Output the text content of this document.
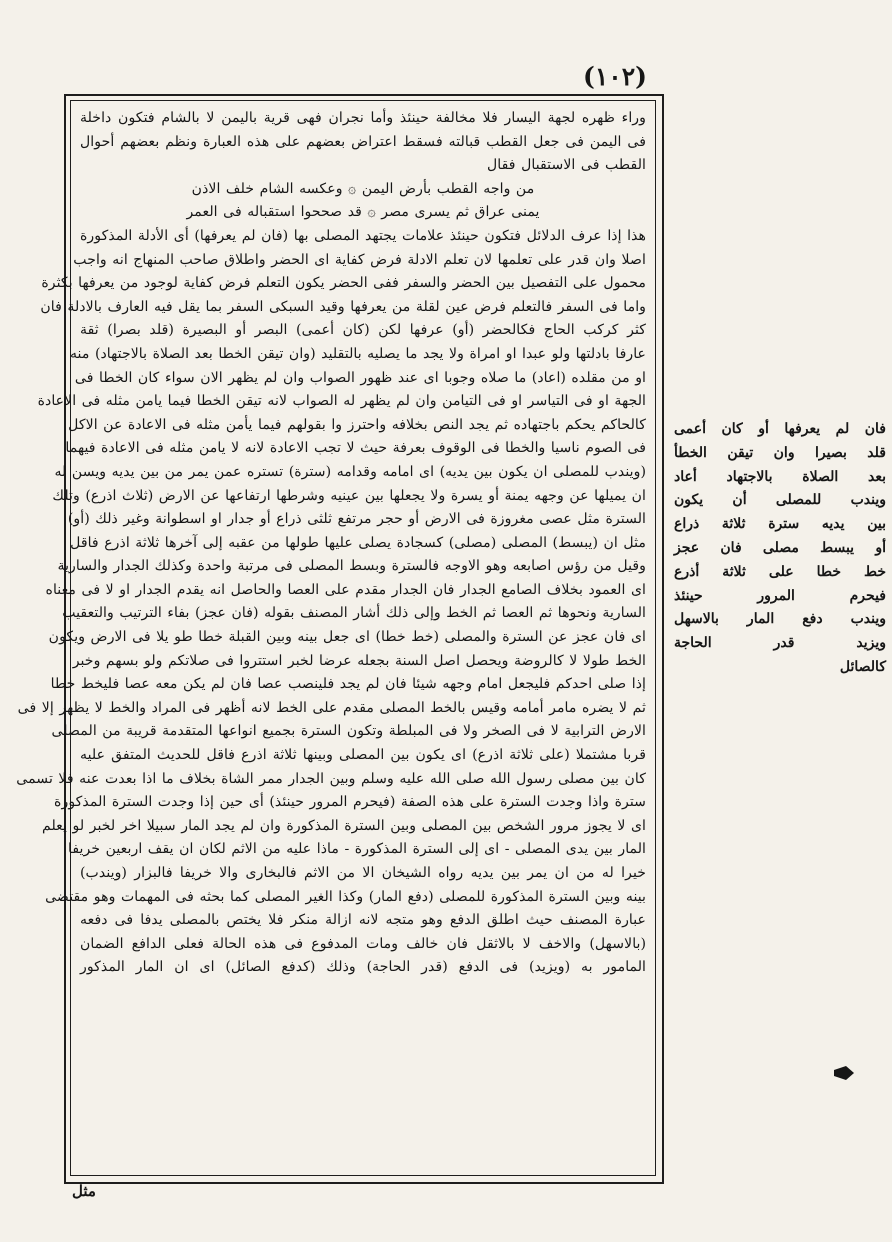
(١٠٢)
وراء ظهره لجهة اليسار فلا مخالفة حينئذ وأما نجران فهى قرية باليمن لا بالشام فتكون داخلة
فى اليمن فى جعل القطب قبالته فسقط اعتراض بعضهم على هذه العبارة ونظم بعضهم أحوال
القطب فى الاستقبال فقال
من واجه القطب بأرض اليمن ۞ وعكسه الشام خلف الاذن
يمنى عراق ثم يسرى مصر ۞ قد صححوا استقباله فى العمر
هذا إذا عرف الدلائل فتكون حينئذ علامات يجتهد المصلى بها (فان لم يعرفها) أى الأدلة المذكورة
اصلا وان قدر على تعلمها لان تعلم الادلة فرض كفاية اى الحضر واطلاق صاحب المنهاج انه واجب
محمول على التفصيل بين الحضر والسفر ففى الحضر يكون التعلم فرض كفاية لوجود من يعرفها بكثرة
واما فى السفر فالتعلم فرض عين لقلة من يعرفها وقيد السبكى السفر بما يقل فيه العارف بالادلة فان
كثر كركب الحاج فكالحضر (أو) عرفها لكن (كان أعمى) البصر أو البصيرة (قلد بصرا) ثقة
عارفا بادلتها ولو عبدا او امراة ولا يجد ما يصليه بالتقليد (وان تيقن الخطا بعد الصلاة بالاجتهاد) منه
او من مقلده (اعاد) ما صلاه وجوبا اى عند ظهور الصواب وان لم يظهر الان سواء كان الخطا فى
الجهة او فى التياسر او فى التيامن وان لم يظهر له الصواب لانه تيقن الخطا فيما يامن مثله فى الاعادة
كالحاكم يحكم باجتهاده ثم يجد النص بخلافه واحترز وا بقولهم فيما يأمن مثله فى الاعادة عن الاكل
فى الصوم ناسيا والخطا فى الوقوف بعرفة حيث لا تجب الاعادة لانه لا يامن مثله فى الاعادة فيهما
(ويندب للمصلى ان يكون بين يديه) اى امامه وقدامه (سترة) تستره عمن يمر من بين يديه ويسن له
ان يميلها عن وجهه يمنة أو يسرة ولا يجعلها بين عينيه وشرطها ارتفاعها عن الارض (ثلاث اذرع) وتلك
السترة مثل عصى مغروزة فى الارض أو حجر مرتفع ثلثى ذراع أو جدار او اسطوانة وغير ذلك (أو)
مثل ان (يبسط) المصلى (مصلى) كسجادة يصلى عليها طولها من عقبه إلى آخرها ثلاثة اذرع فاقل
وقيل من رؤس اصابعه وهو الاوجه فالسترة وبسط المصلى فى مرتبة واحدة وكذلك الجدار والسارية
اى العمود بخلاف الصامع الجدار فان الجدار مقدم على العصا والحاصل انه يقدم الجدار او لا فى معناه
السارية ونحوها ثم العصا ثم الخط وإلى ذلك أشار المصنف بقوله (فان عجز) بفاء الترتيب والتعقيب
اى فان عجز عن السترة والمصلى (خط خطا) اى جعل بينه وبين القبلة خطا طو يلا فى الارض ويكون
الخط طولا لا كالروضة ويحصل اصل السنة بجعله عرضا لخبر استتروا فى صلاتكم ولو بسهم وخبر
إذا صلى احدكم فليجعل امام وجهه شيئا فان لم يجد فلينصب عصا فان لم يكن معه عصا فليخط خطا
ثم لا يضره مامر أمامه وقيس بالخط المصلى مقدم على الخط لانه أظهر فى المراد والخط لا يظهر إلا فى
الارض الترابية لا فى الصخر ولا فى المبلطة وتكون السترة بجميع انواعها المتقدمة قريبة من المصلى
قربا مشتملا (على ثلاثة اذرع) اى يكون بين المصلى وبينها ثلاثة اذرع فاقل للحديث المتفق عليه
كان بين مصلى رسول الله صلى الله عليه وسلم وبين الجدار ممر الشاة بخلاف ما اذا بعدت عنه فلا تسمى
سترة واذا وجدت السترة على هذه الصفة (فيحرم المرور حينئذ) أى حين إذا وجدت السترة المذكورة
اى لا يجوز مرور الشخص بين المصلى وبين السترة المذكورة وان لم يجد المار سبيلا اخر لخبر لو يعلم
المار بين يدى المصلى - اى إلى السترة المذكورة - ماذا عليه من الاثم لكان ان يقف اربعين خريفا
خيرا له من ان يمر بين يديه رواه الشيخان الا من الاثم فالبخارى والا خريفا فالبزار (ويندب)
بينه وبين السترة المذكورة للمصلى (دفع المار) وكذا الغير المصلى كما بحثه فى المهمات وهو مقتضى
عبارة المصنف حيث اطلق الدفع وهو متجه لانه ازالة منكر فلا يختص بالمصلى يدفا فى دفعه
(بالاسهل) والاخف لا بالاثقل فان خالف ومات المدفوع فى هذه الحالة فعلى الدافع الضمان
المامور به (ويزيد) فى الدفع (قدر الحاجة) وذلك (كدفع الصائل) اى ان المار المذكور
فان لم يعرفها أو كان أعمى
قلد بصيرا وان تيقن الخطأ
بعد الصلاة بالاجتهاد أعاد
ويندب للمصلى أن يكون
بين يديه سترة ثلاثة ذراع
أو يبسط مصلى فان عجز
خط خطا على ثلاثة أذرع
فيحرم المرور حينئذ
ويندب دفع المار بالاسهل
ويزيد قدر الحاجة
كالصائل
مثل
